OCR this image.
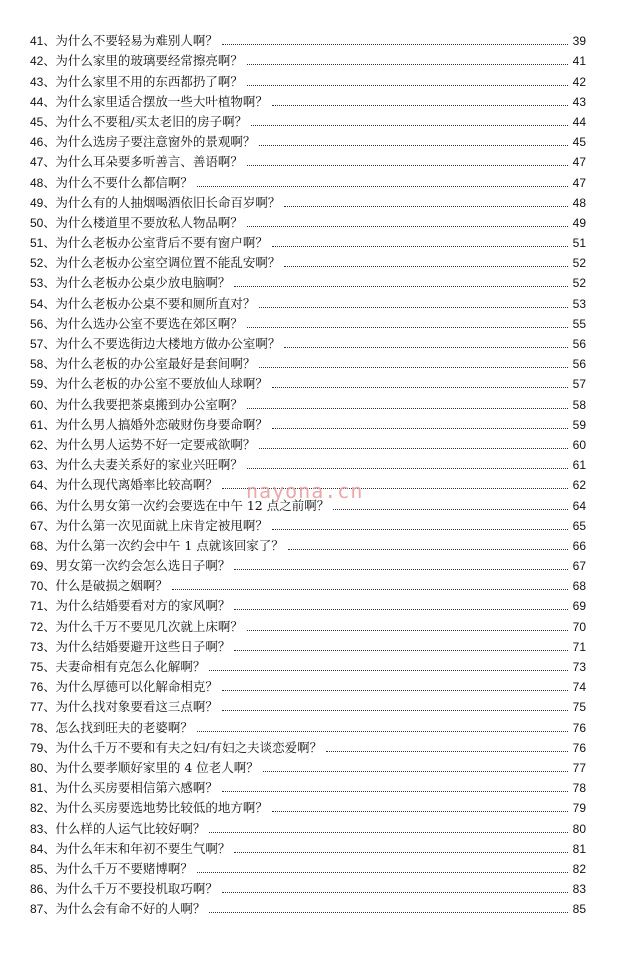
41、 为什么不要轻易为难别人啊？	39
42、 为什么家里的玻璃要经常擦亮啊？	41
43、 为什么家里不用的东西都扔了啊？	42
44、 为什么家里适合摆放一些大叶植物啊？	43
45、 为什么不要租/买太老旧的房子啊？	44
46、 为什么选房子要注意窗外的景观啊？	45
47、 为什么耳朵要多听善言、善语啊？	47
48、 为什么不要什么都信啊？	47
49、 为什么有的人抽烟喝酒依旧长命百岁啊？	48
50、 为什么楼道里不要放私人物品啊？	49
51、 为什么老板办公室背后不要有窗户啊？	51
52、 为什么老板办公室空调位置不能乱安啊？	52
53、 为什么老板办公桌少放电脑啊？	52
54、 为什么老板办公桌不要和厕所直对？	53
56、 为什么选办公室不要选在郊区啊？	55
57、 为什么不要选街边大楼地方做办公室啊？	56
58、 为什么老板的办公室最好是套间啊？	56
59、 为什么老板的办公室不要放仙人球啊？	57
60、 为什么我要把茶桌搬到办公室啊？	58
61、 为什么男人搞婚外恋破财伤身要命啊？	59
62、 为什么男人运势不好一定要戒欲啊？	60
63、 为什么夫妻关系好的家业兴旺啊？	61
64、 为什么现代离婚率比较高啊？	62
66、 为什么男女第一次约会要选在中午 12 点之前啊？	64
67、 为什么第一次见面就上床肯定被甩啊？	65
68、 为什么第一次约会中午 1 点就该回家了？	66
69、 男女第一次约会怎么选日子啊？	67
70、 什么是破损之姻啊？	68
71、 为什么结婚要看对方的家风啊？	69
72、 为什么千万不要见几次就上床啊？	70
73、 为什么结婚要避开这些日子啊？	71
75、 夫妻命相有克怎么化解啊？	73
76、 为什么厚德可以化解命相克？	74
77、 为什么找对象要看这三点啊？	75
78、 怎么找到旺夫的老婆啊？	76
79、 为什么千万不要和有夫之妇/有妇之夫谈恋爱啊？	76
80、 为什么要孝顺好家里的 4 位老人啊？	77
81、 为什么买房要相信第六感啊？	78
82、 为什么买房要选地势比较低的地方啊？	79
83、 什么样的人运气比较好啊？	80
84、 为什么年末和年初不要生气啊？	81
85、 为什么千万不要赌博啊？	82
86、 为什么千万不要投机取巧啊？	83
87、 为什么会有命不好的人啊？	85
nayona.cn
